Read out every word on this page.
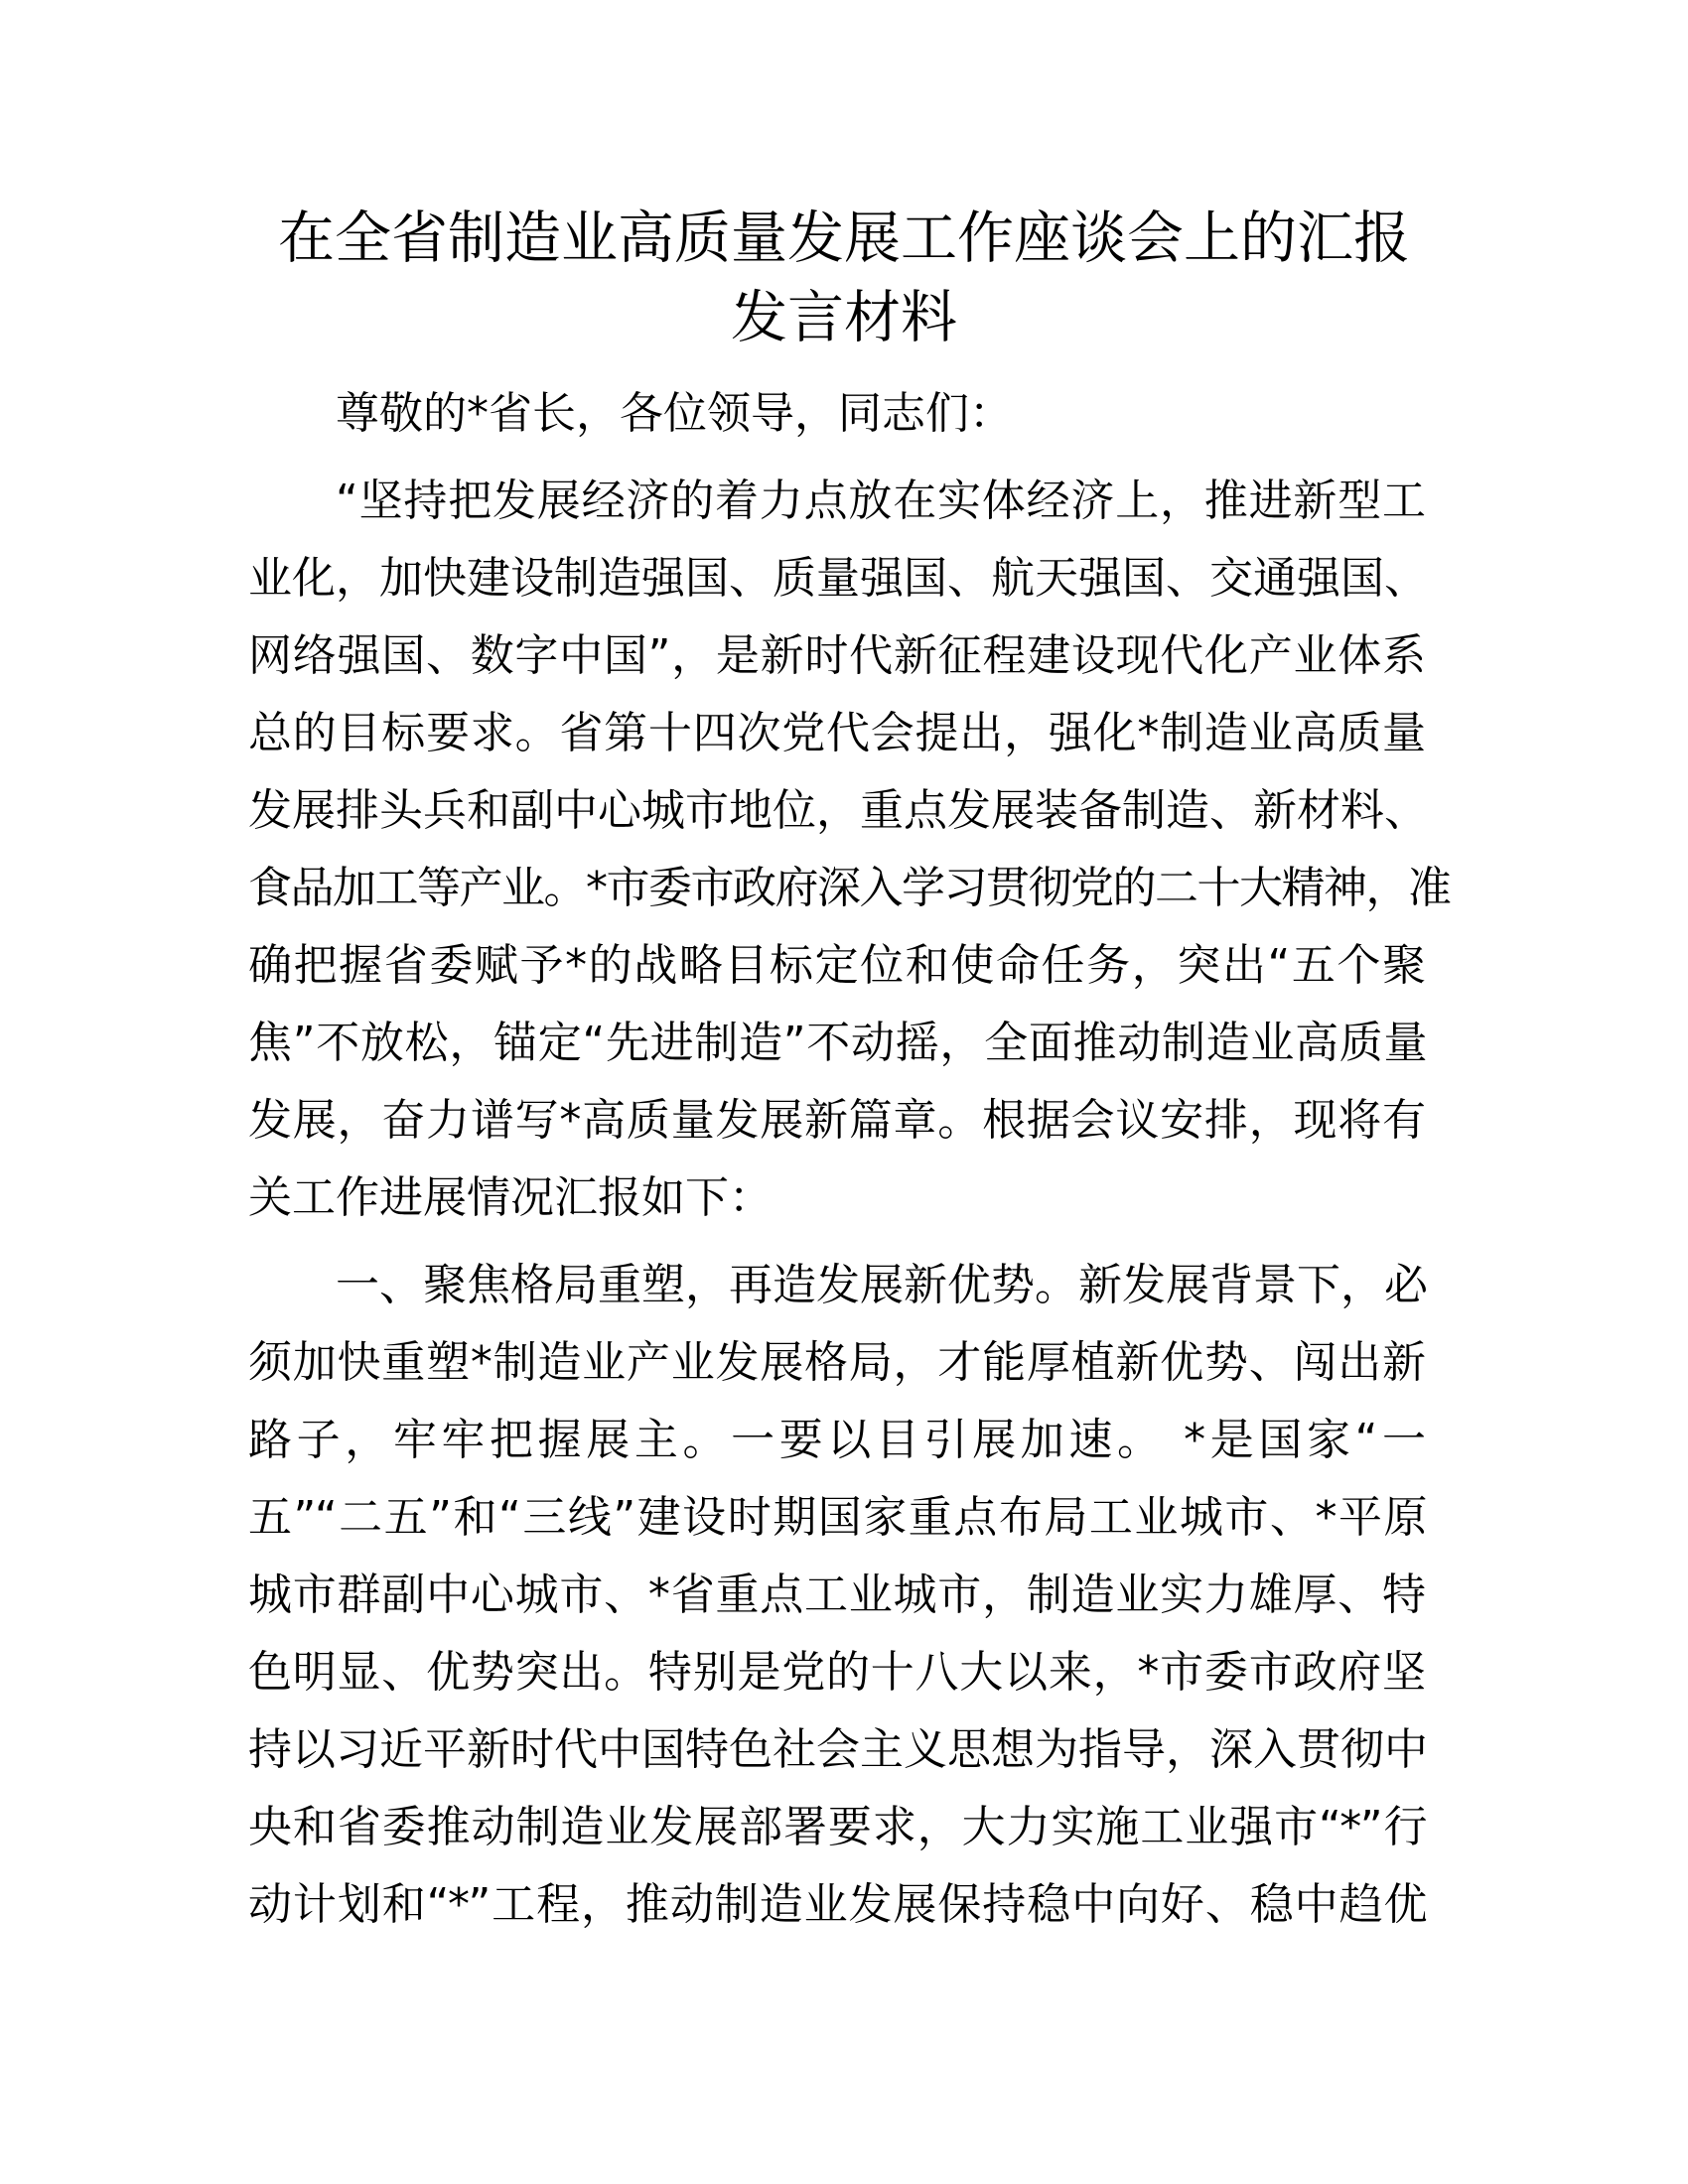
在全省制造业高质量发展工作座谈会上的汇报
发言材料
尊敬的*省长，各位领导，同志们：
“坚持把发展经济的着力点放在实体经济上，推进新型工
业化，加快建设制造强国、质量强国、航天强国、交通强国、
网络强国、数字中国”，是新时代新征程建设现代化产业体系
总的目标要求。省第十四次党代会提出，强化*制造业高质量
发展排头兵和副中心城市地位，重点发展装备制造、新材料、
食品加工等产业。*市委市政府深入学习贯彻党的二十大精神，准
确把握省委赋予*的战略目标定位和使命任务，突出“五个聚
焦”不放松，锚定“先进制造”不动摇，全面推动制造业高质量
发展，奋力谱写*高质量发展新篇章。根据会议安排，现将有
关工作进展情况汇报如下：
一、聚焦格局重塑，再造发展新优势。新发展背景下，必
须加快重塑*制造业产业发展格局，才能厚植新优势、闯出新
路子，牢牢把握展主。一要以目引展加速。 *是国家“一
五”“二五”和“三线”建设时期国家重点布局工业城市、*平原
城市群副中心城市、*省重点工业城市，制造业实力雄厚、特
色明显、优势突出。特别是党的十八大以来，*市委市政府坚
持以习近平新时代中国特色社会主义思想为指导，深入贯彻中
央和省委推动制造业发展部署要求，大力实施工业强市“*”行
动计划和“*”工程，推动制造业发展保持稳中向好、稳中趋优
